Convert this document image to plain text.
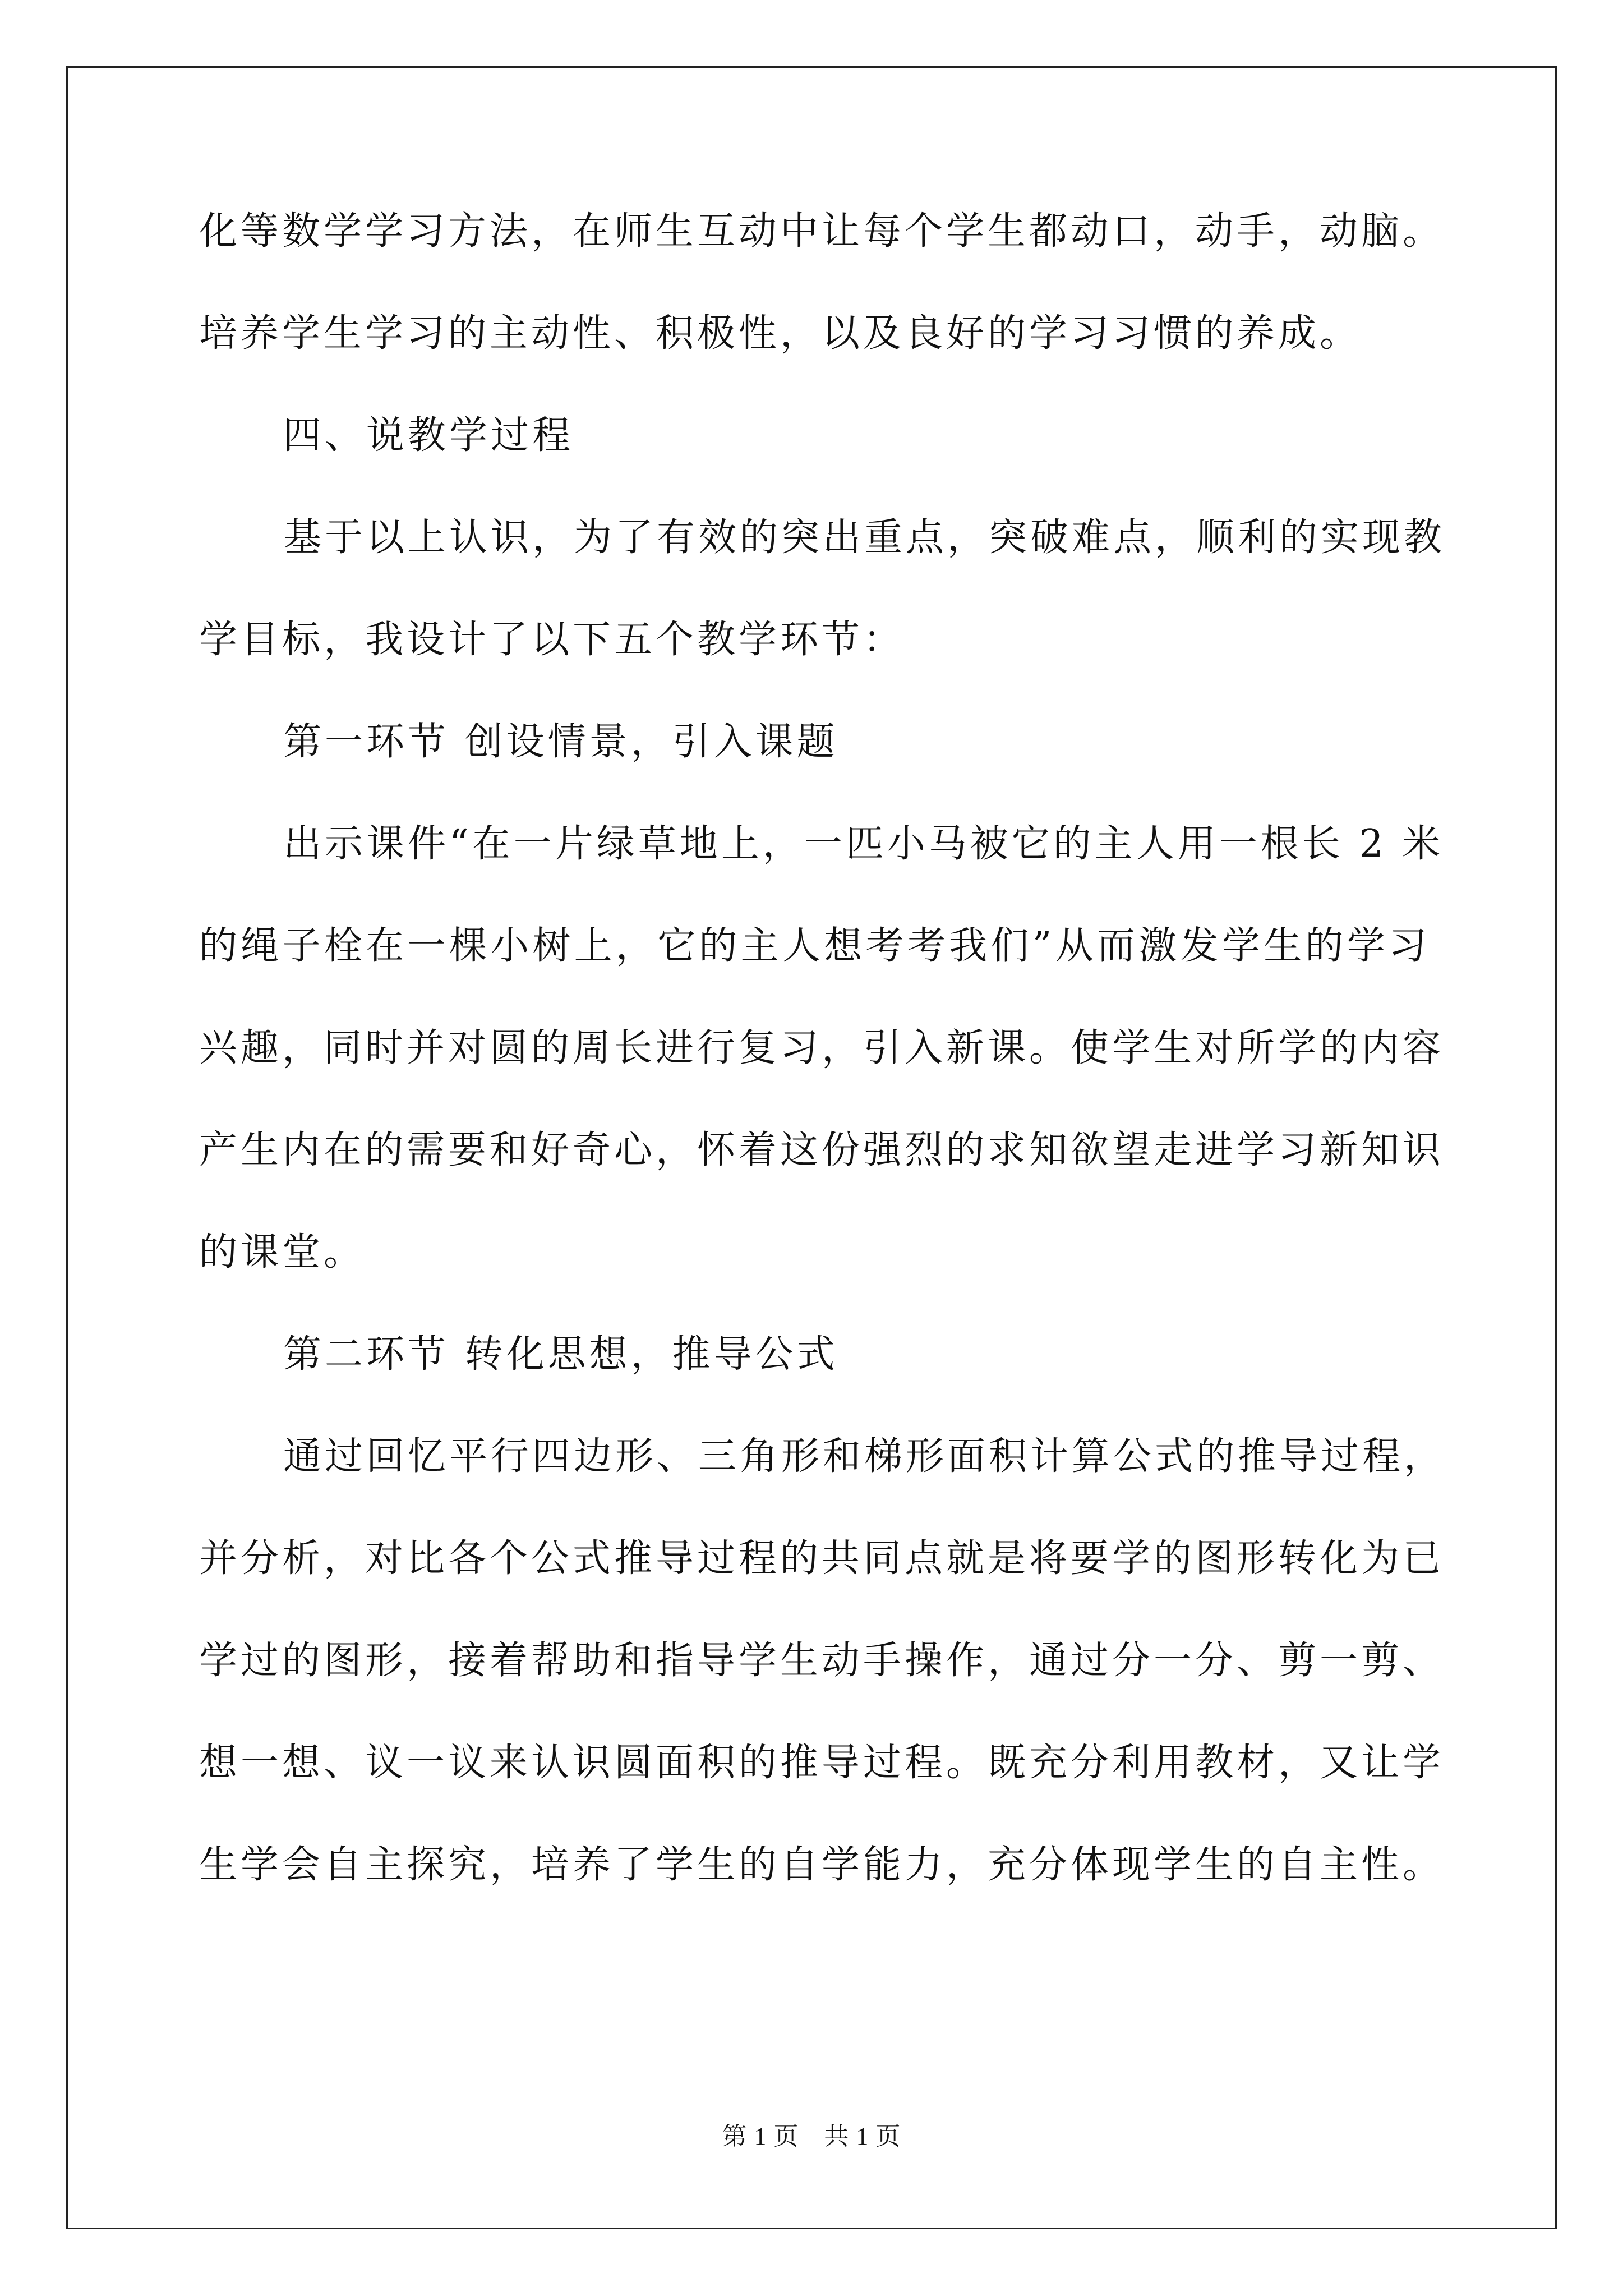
化等数学学习方法，在师生互动中让每个学生都动口，动手，动脑。
培养学生学习的主动性、积极性，以及良好的学习习惯的养成。
四、说教学过程
基于以上认识，为了有效的突出重点，突破难点，顺利的实现教
学目标，我设计了以下五个教学环节：
第一环节 创设情景，引入课题
出示课件“在一片绿草地上，一匹小马被它的主人用一根长 2 米
的绳子栓在一棵小树上，它的主人想考考我们”从而激发学生的学习
兴趣，同时并对圆的周长进行复习，引入新课。使学生对所学的内容
产生内在的需要和好奇心，怀着这份强烈的求知欲望走进学习新知识
的课堂。
第二环节 转化思想，推导公式
通过回忆平行四边形、三角形和梯形面积计算公式的推导过程，
并分析，对比各个公式推导过程的共同点就是将要学的图形转化为已
学过的图形，接着帮助和指导学生动手操作，通过分一分、剪一剪、
想一想、议一议来认识圆面积的推导过程。既充分利用教材，又让学
生学会自主探究，培养了学生的自学能力，充分体现学生的自主性。
第 1 页　共 1 页
